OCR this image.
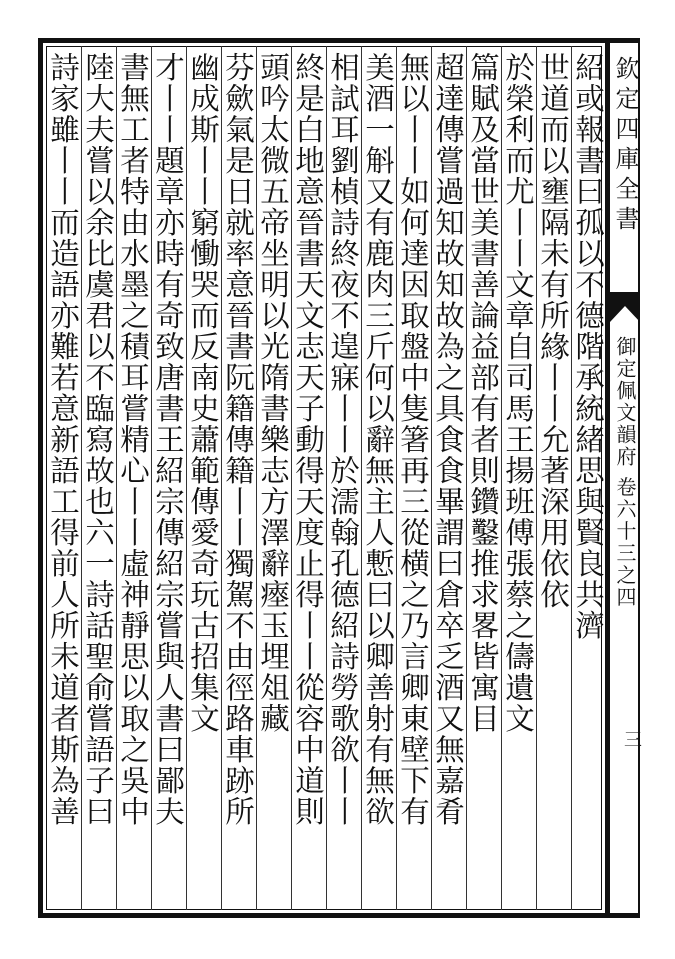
欽定四庫全書
御定佩文韻府 卷六十三之四
三
紹或報書曰孤以不德階承統緒思與賢良共濟
世道而以壅隔未有所緣丨丨允著深用依依
於榮利而尤丨丨文章自司馬王揚班傅張蔡之儔遺文
篇賦及當世美書善論益部有者則鑽鑿推求畧皆寓目
超達傳嘗過知故知故為之具食食畢謂曰倉卒乏酒又無嘉肴
無以丨丨如何達因取盤中隻箸再三從横之乃言卿東壁下有
美酒一斛又有鹿肉三斤何以辭無主人慙曰以卿善射有無欲
相試耳劉楨詩終夜不遑寐丨丨於濡翰孔德紹詩勞歌欲丨丨
終是白地意晉書天文志天子動得天度止得丨丨從容中道則
頭吟太微五帝坐明以光隋書樂志方澤辭瘞玉埋俎藏
芬歛氣是日就率意晉書阮籍傳籍丨丨獨駕不由徑路車跡所
幽成斯丨丨窮慟哭而反南史蕭範傳愛奇玩古招集文
才丨丨題章亦時有奇致唐書王紹宗傳紹宗嘗與人書曰鄙夫
書無工者特由水墨之積耳嘗精心丨丨虛神靜思以取之吳中
陸大夫嘗以余比虞君以不臨寫故也六一詩話聖俞嘗語子曰
詩家雖丨丨而造語亦難若意新語工得前人所未道者斯為善
